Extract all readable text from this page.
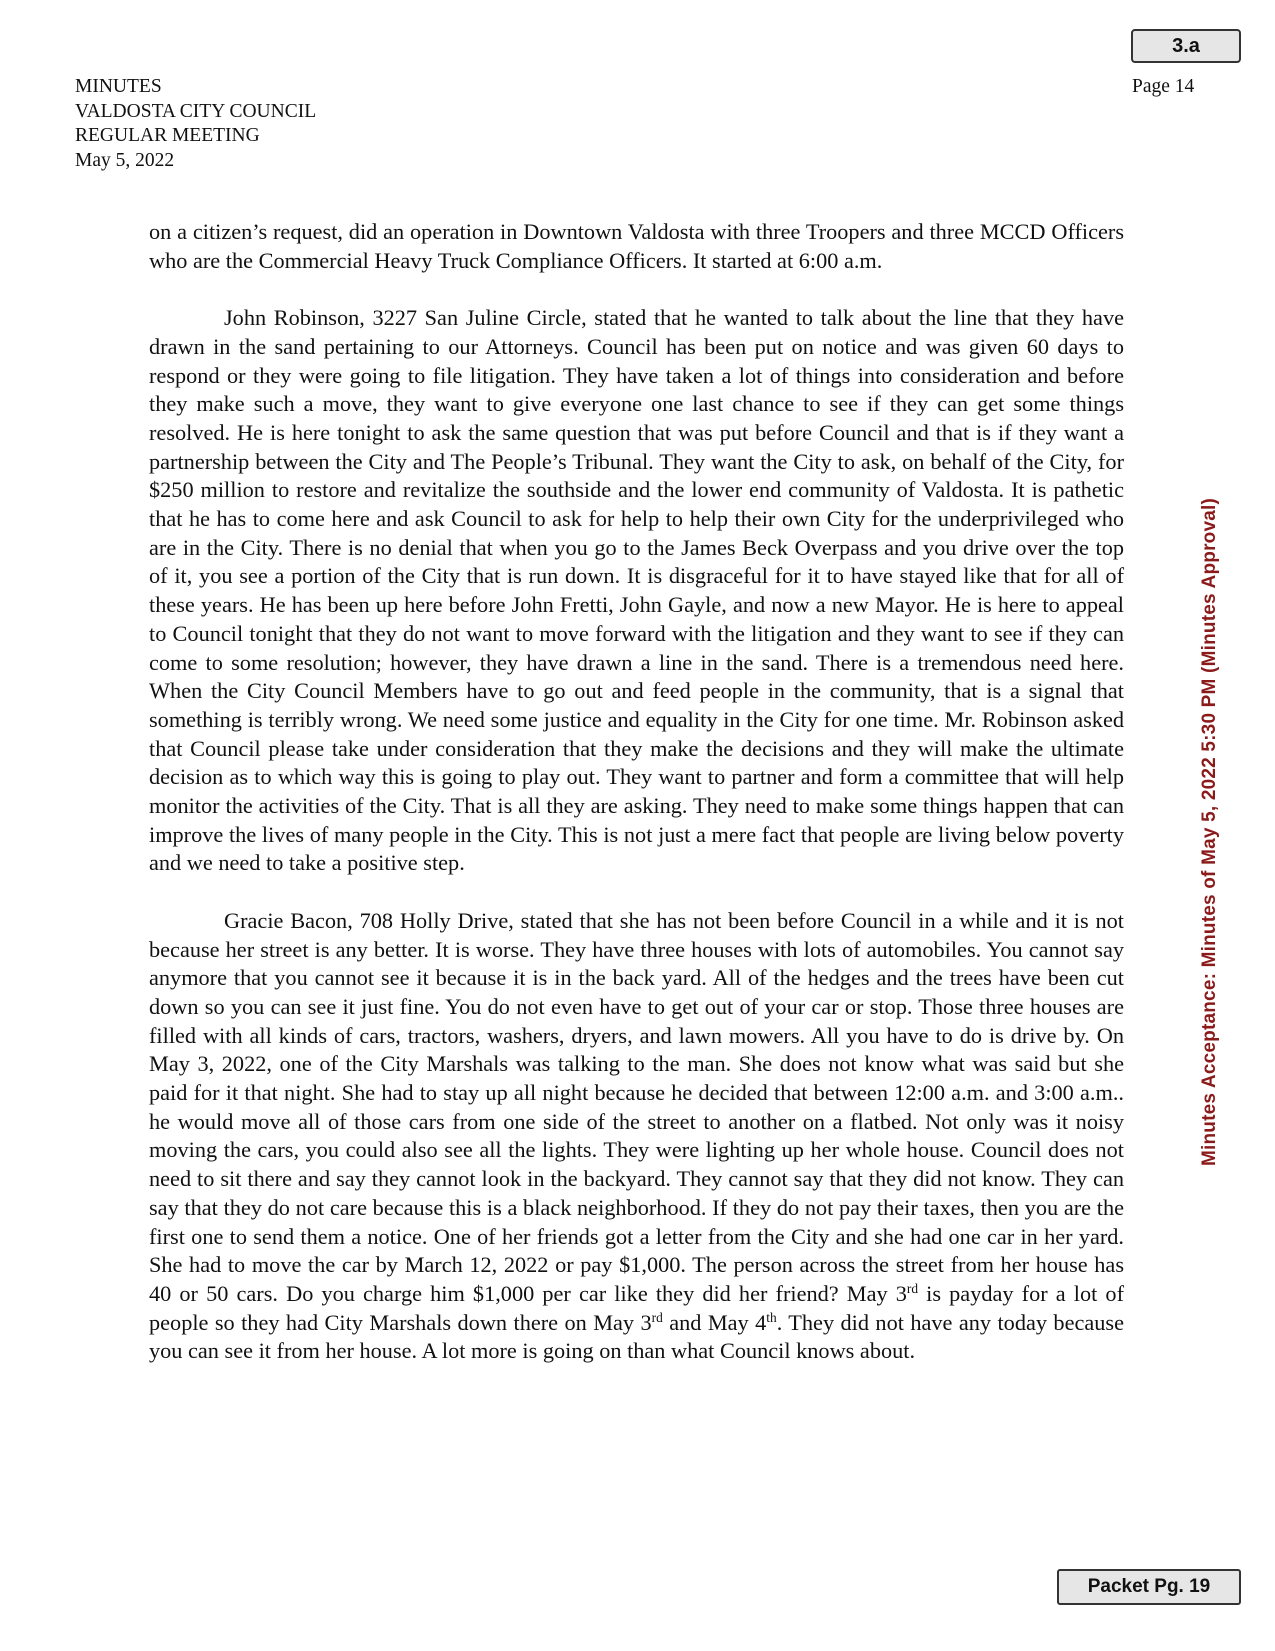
3.a
MINUTES
VALDOSTA CITY COUNCIL
REGULAR MEETING
May 5, 2022
Page 14

on a citizen’s request, did an operation in Downtown Valdosta with three Troopers and three MCCD Officers who are the Commercial Heavy Truck Compliance Officers. It started at 6:00 a.m.

John Robinson, 3227 San Juline Circle, stated that he wanted to talk about the line that they have drawn in the sand pertaining to our Attorneys. Council has been put on notice and was given 60 days to respond or they were going to file litigation. They have taken a lot of things into consideration and before they make such a move, they want to give everyone one last chance to see if they can get some things resolved. He is here tonight to ask the same question that was put before Council and that is if they want a partnership between the City and The People’s Tribunal. They want the City to ask, on behalf of the City, for $250 million to restore and revitalize the southside and the lower end community of Valdosta. It is pathetic that he has to come here and ask Council to ask for help to help their own City for the underprivileged who are in the City. There is no denial that when you go to the James Beck Overpass and you drive over the top of it, you see a portion of the City that is run down. It is disgraceful for it to have stayed like that for all of these years. He has been up here before John Fretti, John Gayle, and now a new Mayor. He is here to appeal to Council tonight that they do not want to move forward with the litigation and they want to see if they can come to some resolution; however, they have drawn a line in the sand. There is a tremendous need here. When the City Council Members have to go out and feed people in the community, that is a signal that something is terribly wrong. We need some justice and equality in the City for one time. Mr. Robinson asked that Council please take under consideration that they make the decisions and they will make the ultimate decision as to which way this is going to play out. They want to partner and form a committee that will help monitor the activities of the City. That is all they are asking. They need to make some things happen that can improve the lives of many people in the City. This is not just a mere fact that people are living below poverty and we need to take a positive step.

Gracie Bacon, 708 Holly Drive, stated that she has not been before Council in a while and it is not because her street is any better. It is worse. They have three houses with lots of automobiles. You cannot say anymore that you cannot see it because it is in the back yard. All of the hedges and the trees have been cut down so you can see it just fine. You do not even have to get out of your car or stop. Those three houses are filled with all kinds of cars, tractors, washers, dryers, and lawn mowers. All you have to do is drive by. On May 3, 2022, one of the City Marshals was talking to the man. She does not know what was said but she paid for it that night. She had to stay up all night because he decided that between 12:00 a.m. and 3:00 a.m.. he would move all of those cars from one side of the street to another on a flatbed. Not only was it noisy moving the cars, you could also see all the lights. They were lighting up her whole house. Council does not need to sit there and say they cannot look in the backyard. They cannot say that they did not know. They can say that they do not care because this is a black neighborhood. If they do not pay their taxes, then you are the first one to send them a notice. One of her friends got a letter from the City and she had one car in her yard. She had to move the car by March 12, 2022 or pay $1,000. The person across the street from her house has 40 or 50 cars. Do you charge him $1,000 per car like they did her friend? May 3rd is payday for a lot of people so they had City Marshals down there on May 3rd and May 4th. They did not have any today because you can see it from her house. A lot more is going on than what Council knows about.

Minutes Acceptance: Minutes of May 5, 2022 5:30 PM (Minutes Approval)
Packet Pg. 19
